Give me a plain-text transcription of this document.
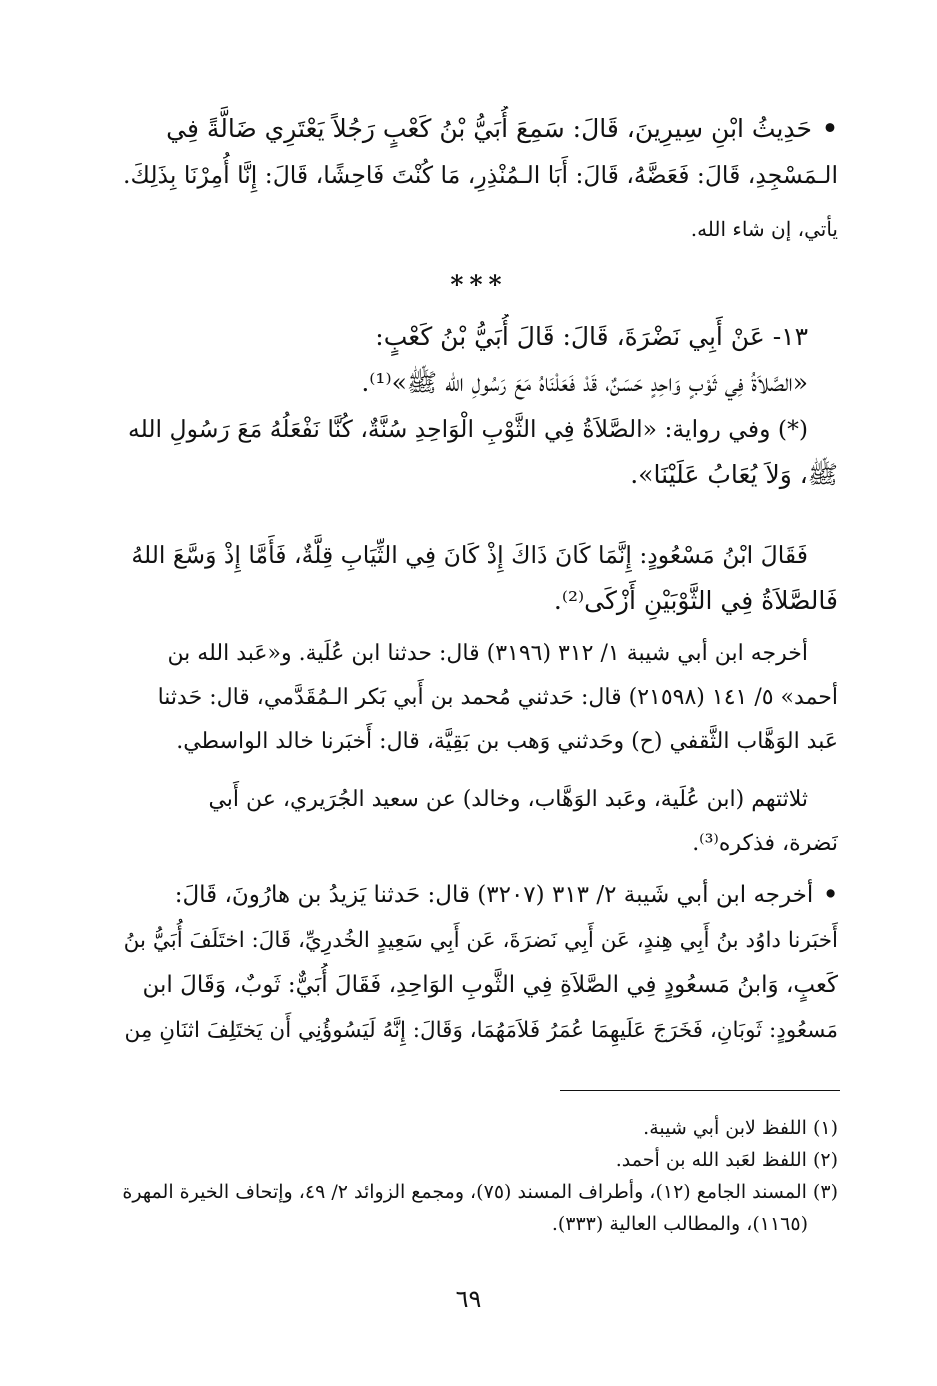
•حَدِيثُ ابْنِ سِيرِينَ، قَالَ: سَمِعَ أُبَيُّ بْنُ كَعْبٍ رَجُلاً يَعْتَرِي ضَالَّةً فِي
الـمَسْجِدِ، قَالَ: فَعَضَّهُ، قَالَ: أَبَا الـمُنْذِرِ، مَا كُنْتَ فَاحِشًا، قَالَ: إِنَّا أُمِرْنَا بِذَلِكَ.
يأتي، إن شاء الله.
***
١٣- عَنْ أَبِي نَضْرَةَ، قَالَ: قَالَ أُبَيُّ بْنُ كَعْبٍ:
«الصَّلاَةُ فِي ثَوْبٍ وَاحِدٍ حَسَنٌ، قَدْ فَعَلْنَاهُ مَعَ رَسُولِ الله ﷺ»⁽¹⁾.
(*) وفي رواية: «الصَّلاَةُ فِي الثَّوْبِ الْوَاحِدِ سُنَّةٌ، كُنَّا نَفْعَلُهُ مَعَ رَسُولِ الله
ﷺ، وَلاَ يُعَابُ عَلَيْنَا».
فَقَالَ ابْنُ مَسْعُودٍ: إِنَّمَا كَانَ ذَاكَ إِذْ كَانَ فِي الثِّيَابِ قِلَّةٌ، فَأَمَّا إِذْ وَسَّعَ اللهُ
فَالصَّلاَةُ فِي الثَّوْبَيْنِ أَزْكَى⁽²⁾.
أخرجه ابن أبي شيبة ١/ ٣١٢ (٣١٩٦) قال: حدثنا ابن عُلَية. و«عَبد الله بن
أحمد» ٥/ ١٤١ (٢١٥٩٨) قال: حَدثني مُحمد بن أَبي بَكر الـمُقَدَّمي، قال: حَدثنا
عَبد الوَهَّاب الثَّقفي (ح) وحَدثني وَهب بن بَقِيَّة، قال: أَخبَرنا خالد الواسطي.
ثلاثتهم (ابن عُلَية، وعَبد الوَهَّاب، وخالد) عن سعيد الجُرَيري، عن أَبي
نَضرة، فذكره⁽³⁾.
•أخرجه ابن أبي شَيبة ٢/ ٣١٣ (٣٢٠٧) قال: حَدثنا يَزيدُ بن هارُونَ، قَالَ:
أَخبَرنا داوُد بنُ أَبِي هِندٍ، عَن أَبِي نَضرَةَ، عَن أَبِي سَعِيدٍ الخُدرِيِّ، قَالَ: اختَلَفَ أُبَيُّ بنُ
كَعبٍ، وَابنُ مَسعُودٍ فِي الصَّلاَةِ فِي الثَّوبِ الوَاحِدِ، فَقَالَ أُبَيٌّ: ثَوبٌ، وَقَالَ ابن
مَسعُودٍ: ثَوبَانِ، فَخَرَجَ عَلَيهِمَا عُمَرُ فَلاَمَهُمَا، وَقَالَ: إِنَّهُ لَيَسُوؤُنِي أَن يَختَلِفَ اثنَانِ مِن
(١) اللفظ لابن أبي شيبة.
(٢) اللفظ لعَبد الله بن أحمد.
(٣) المسند الجامع (١٢)، وأطراف المسند (٧٥)، ومجمع الزوائد ٢/ ٤٩، وإتحاف الخيرة المهرة
(١١٦٥)، والمطالب العالية (٣٣٣).
٦٩
